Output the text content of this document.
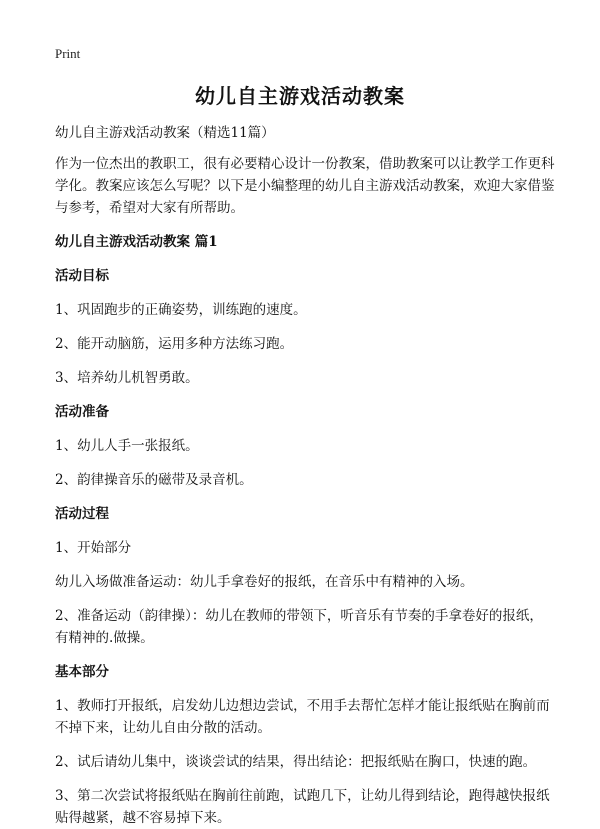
Print
幼儿自主游戏活动教案

幼儿自主游戏活动教案（精选11篇）

作为一位杰出的教职工，很有必要精心设计一份教案，借助教案可以让教学工作更科学化。教案应该怎么写呢？以下是小编整理的幼儿自主游戏活动教案，欢迎大家借鉴与参考，希望对大家有所帮助。

幼儿自主游戏活动教案 篇1

活动目标

1、巩固跑步的正确姿势，训练跑的速度。

2、能开动脑筋，运用多种方法练习跑。

3、培养幼儿机智勇敢。

活动准备

1、幼儿人手一张报纸。

2、韵律操音乐的磁带及录音机。

活动过程

1、开始部分

幼儿入场做准备运动：幼儿手拿卷好的报纸，在音乐中有精神的入场。

2、准备运动（韵律操）：幼儿在教师的带领下，听音乐有节奏的手拿卷好的报纸，有精神的.做操。

基本部分

1、教师打开报纸，启发幼儿边想边尝试，不用手去帮忙怎样才能让报纸贴在胸前而不掉下来，让幼儿自由分散的活动。

2、试后请幼儿集中，谈谈尝试的结果，得出结论：把报纸贴在胸口，快速的跑。

3、第二次尝试将报纸贴在胸前往前跑，试跑几下，让幼儿得到结论，跑得越快报纸贴得越紧，越不容易掉下来。
